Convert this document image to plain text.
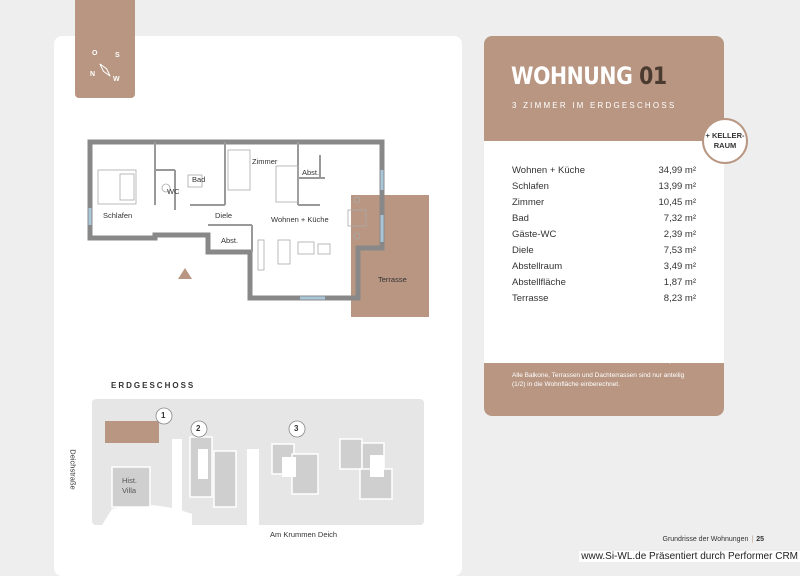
O	S
N
W
Schlafen
WC
Bad
Zimmer
Abst.
Diele	Wohnen + Küche
Abst.
Terrasse
ERDGESCHOSS
1
2	3
Hist. Villa
Deichstraße
Am Krummen Deich
WOHNUNG 01
3 ZIMMER IM ERDGESCHOSS
Wohnen + Küche	34,99 m²
Schlafen	13,99 m²
Zimmer	10,45 m²
Bad	7,32 m²
Gäste-WC	2,39 m²
Diele	7,53 m²
Abstellraum	3,49 m²
Abstellfläche	1,87 m²
Terrasse	8,23 m²
WOHNFLÄCHE CA.	90,26 m²
Alle Balkone, Terrassen und Dachterrassen sind nur anteilig (1/2) in die Wohnfläche einberechnet.
+ KELLER- RAUM
Grundrisse der Wohnungen | 25
www.Si-WL.de Präsentiert durch Performer CRM
